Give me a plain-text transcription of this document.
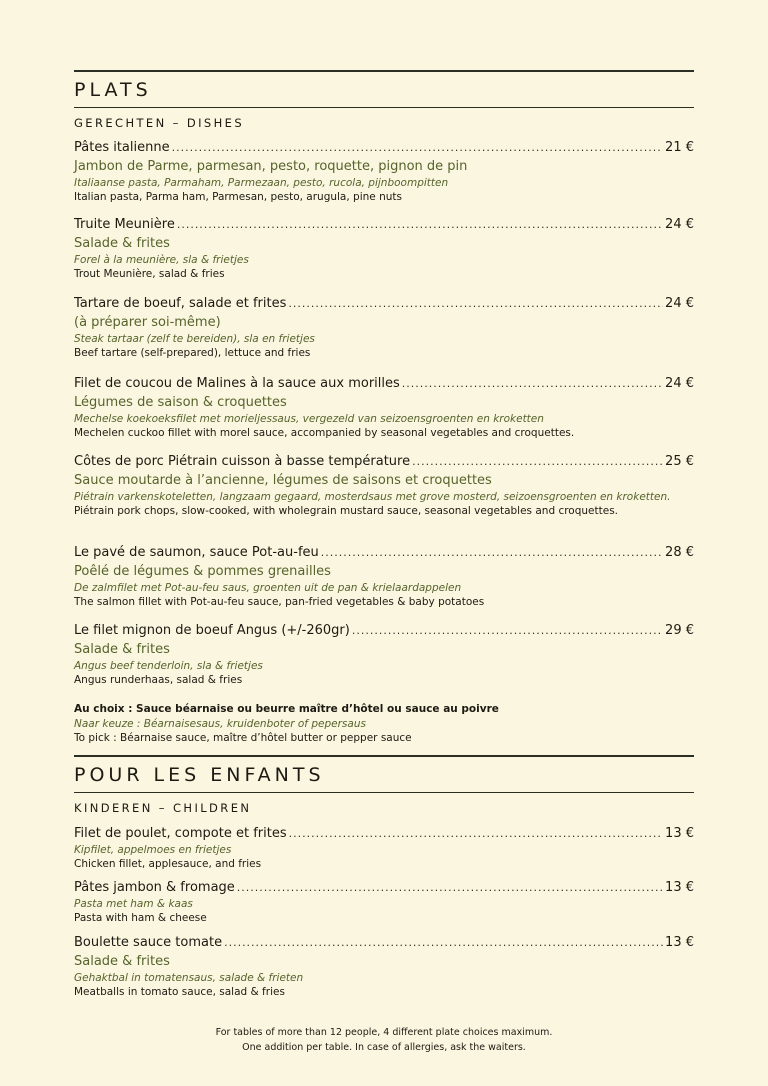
PLATS
GERECHTEN – DISHES
Pâtes italienne .....	21 €
Jambon de Parme, parmesan, pesto, roquette, pignon de pin
Italiaanse pasta, Parmaham, Parmezaan, pesto, rucola, pijnboompitten
Italian pasta, Parma ham, Parmesan, pesto, arugula, pine nuts
Truite Meunière .....	24 €
Salade & frites
Forel à la meunière, sla & frietjes
Trout Meunière, salad & fries
Tartare de boeuf, salade et frites .....	24 €
(à préparer soi-même)
Steak tartaar (zelf te bereiden), sla en frietjes
Beef tartare (self-prepared), lettuce and fries
Filet de coucou de Malines à la sauce aux morilles .....	24 €
Légumes de saison & croquettes
Mechelse koekoeksfilet met morieljessaus, vergezeld van seizoensgroenten en kroketten
Mechelen cuckoo fillet with morel sauce, accompanied by seasonal vegetables and croquettes.
Côtes de porc Piétrain cuisson à basse température .....	25 €
Sauce moutarde à l’ancienne, légumes de saisons et croquettes
Piétrain varkenskoteletten, langzaam gegaard, mosterdsaus met grove mosterd, seizoensgroenten en kroketten.
Piétrain pork chops, slow-cooked, with wholegrain mustard sauce, seasonal vegetables and croquettes.
Le pavé de saumon, sauce Pot-au-feu .....	28 €
Poêlé de légumes & pommes grenailles
De zalmfilet met Pot-au-feu saus, groenten uit de pan & krielaardappelen
The salmon fillet with Pot-au-feu sauce, pan-fried vegetables & baby potatoes
Le filet mignon de boeuf Angus (+/-260gr) .....	29 €
Salade & frites
Angus beef tenderloin, sla & frietjes
Angus runderhaas, salad & fries
Au choix : Sauce béarnaise ou beurre maître d’hôtel ou sauce au poivre
Naar keuze : Béarnaisesaus, kruidenboter of pepersaus
To pick : Béarnaise sauce, maître d’hôtel butter or pepper sauce
POUR LES ENFANTS
KINDEREN – CHILDREN
Filet de poulet, compote et frites .....	13 €
Kipfilet, appelmoes en frietjes
Chicken fillet, applesauce, and fries
Pâtes jambon & fromage .....	13 €
Pasta met ham & kaas
Pasta with ham & cheese
Boulette sauce tomate .....	13 €
Salade & frites
Gehaktbal in tomatensaus, salade & frieten
Meatballs in tomato sauce, salad & fries
For tables of more than 12 people, 4 different plate choices maximum.
One addition per table. In case of allergies, ask the waiters.
